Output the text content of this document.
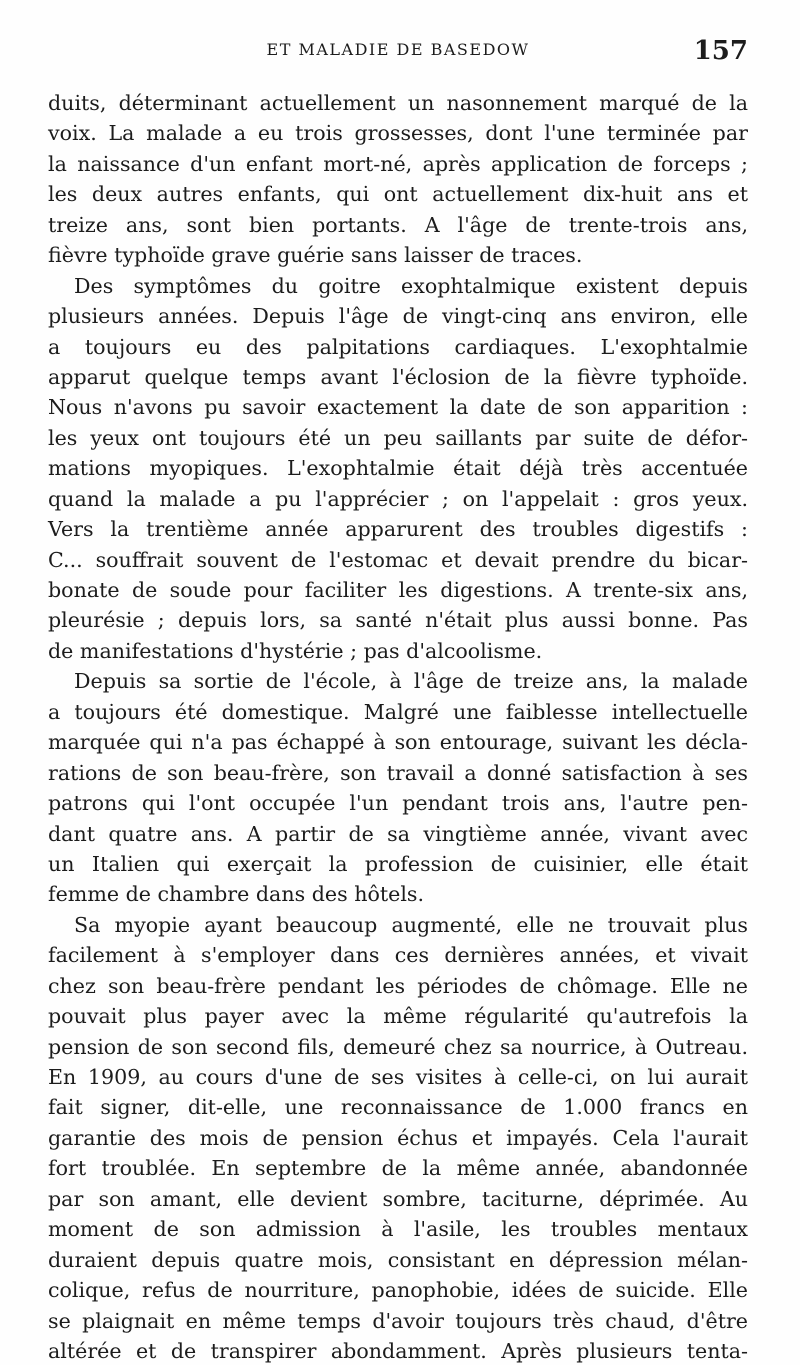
ET MALADIE DE BASEDOW	157
duits, déterminant actuellement un nasonnement marqué de la
voix. La malade a eu trois grossesses, dont l'une terminée par
la naissance d'un enfant mort-né, après application de forceps ;
les deux autres enfants, qui ont actuellement dix-huit ans et
treize ans, sont bien portants. A l'âge de trente-trois ans,
fièvre typhoïde grave guérie sans laisser de traces.
Des symptômes du goitre exophtalmique existent depuis
plusieurs années. Depuis l'âge de vingt-cinq ans environ, elle
a toujours eu des palpitations cardiaques. L'exophtalmie
apparut quelque temps avant l'éclosion de la fièvre typhoïde.
Nous n'avons pu savoir exactement la date de son apparition :
les yeux ont toujours été un peu saillants par suite de défor-
mations myopiques. L'exophtalmie était déjà très accentuée
quand la malade a pu l'apprécier ; on l'appelait : gros yeux.
Vers la trentième année apparurent des troubles digestifs :
C... souffrait souvent de l'estomac et devait prendre du bicar-
bonate de soude pour faciliter les digestions. A trente-six ans,
pleurésie ; depuis lors, sa santé n'était plus aussi bonne. Pas
de manifestations d'hystérie ; pas d'alcoolisme.
Depuis sa sortie de l'école, à l'âge de treize ans, la malade
a toujours été domestique. Malgré une faiblesse intellectuelle
marquée qui n'a pas échappé à son entourage, suivant les décla-
rations de son beau-frère, son travail a donné satisfaction à ses
patrons qui l'ont occupée l'un pendant trois ans, l'autre pen-
dant quatre ans. A partir de sa vingtième année, vivant avec
un Italien qui exerçait la profession de cuisinier, elle était
femme de chambre dans des hôtels.
Sa myopie ayant beaucoup augmenté, elle ne trouvait plus
facilement à s'employer dans ces dernières années, et vivait
chez son beau-frère pendant les périodes de chômage. Elle ne
pouvait plus payer avec la même régularité qu'autrefois la
pension de son second fils, demeuré chez sa nourrice, à Outreau.
En 1909, au cours d'une de ses visites à celle-ci, on lui aurait
fait signer, dit-elle, une reconnaissance de 1.000 francs en
garantie des mois de pension échus et impayés. Cela l'aurait
fort troublée. En septembre de la même année, abandonnée
par son amant, elle devient sombre, taciturne, déprimée. Au
moment de son admission à l'asile, les troubles mentaux
duraient depuis quatre mois, consistant en dépression mélan-
colique, refus de nourriture, panophobie, idées de suicide. Elle
se plaignait en même temps d'avoir toujours très chaud, d'être
altérée et de transpirer abondamment. Après plusieurs tenta-
